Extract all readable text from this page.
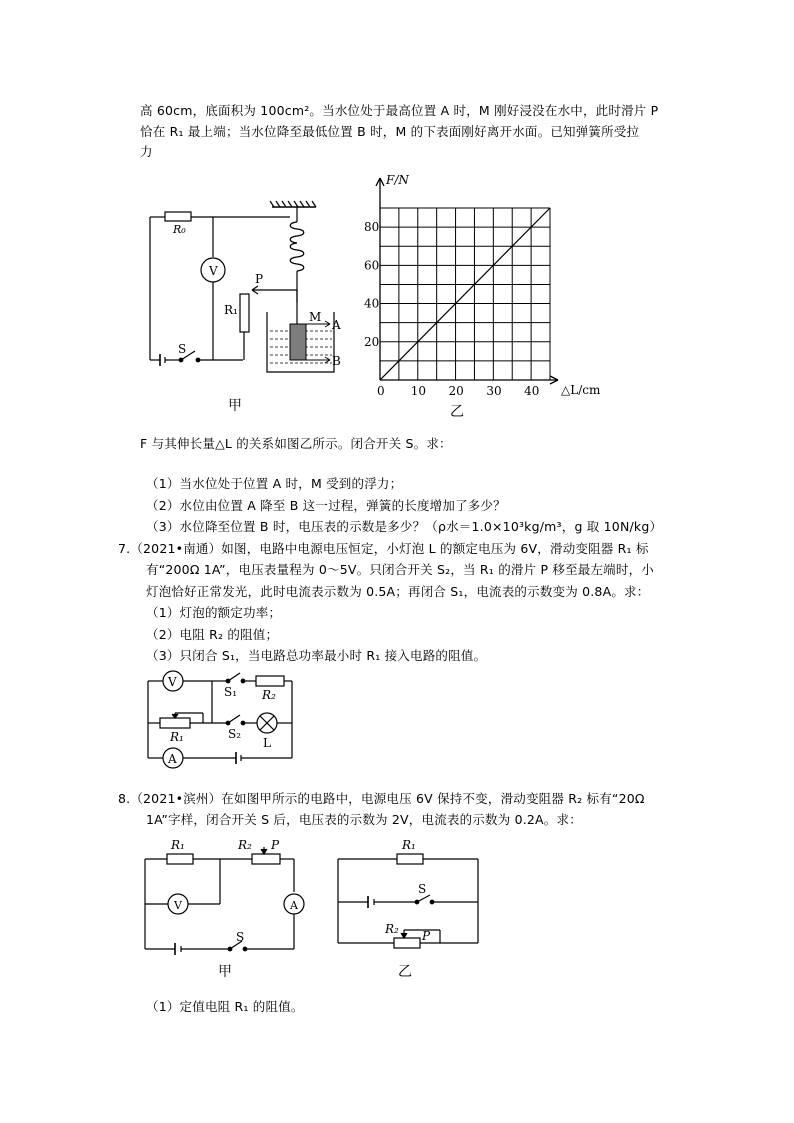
高 60cm，底面积为 100cm²。当水位处于最高位置 A 时，M 刚好浸没在水中，此时滑片 P
恰在 R₁ 最上端；当水位降至最低位置 B 时，M 的下表面刚好离开水面。已知弹簧所受拉
力
R₀
V
P
R₁	M
A
B
S
甲
0 10 20 30 40
20
40
60
80
F/N
△L/cm
乙
F 与其伸长量△L 的关系如图乙所示。闭合开关 S。求：
（1）当水位处于位置 A 时，M 受到的浮力；
（2）水位由位置 A 降至 B 这一过程，弹簧的长度增加了多少？
（3）水位降至位置 B 时，电压表的示数是多少？（ρ水＝1.0×10³kg/m³，g 取 10N/kg）
7.（2021•南通）如图，电路中电源电压恒定，小灯泡 L 的额定电压为 6V，滑动变阻器 R₁ 标
有“200Ω 1A”，电压表量程为 0～5V。只闭合开关 S₂，当 R₁ 的滑片 P 移至最左端时，小
灯泡恰好正常发光，此时电流表示数为 0.5A；再闭合 S₁，电流表的示数变为 0.8A。求：
（1）灯泡的额定功率；
（2）电阻 R₂ 的阻值；
（3）只闭合 S₁，当电路总功率最小时 R₁ 接入电路的阻值。
V
S₁ R₂
R₁	S₂
L
A
8.（2021•滨州）在如图甲所示的电路中，电源电压 6V 保持不变，滑动变阻器 R₂ 标有“20Ω
1A”字样，闭合开关 S 后，电压表的示数为 2V，电流表的示数为 0.2A。求：
R₁	R₂ P
V	A
S
甲
R₁
S
R₂ P
乙
（1）定值电阻 R₁ 的阻值。
